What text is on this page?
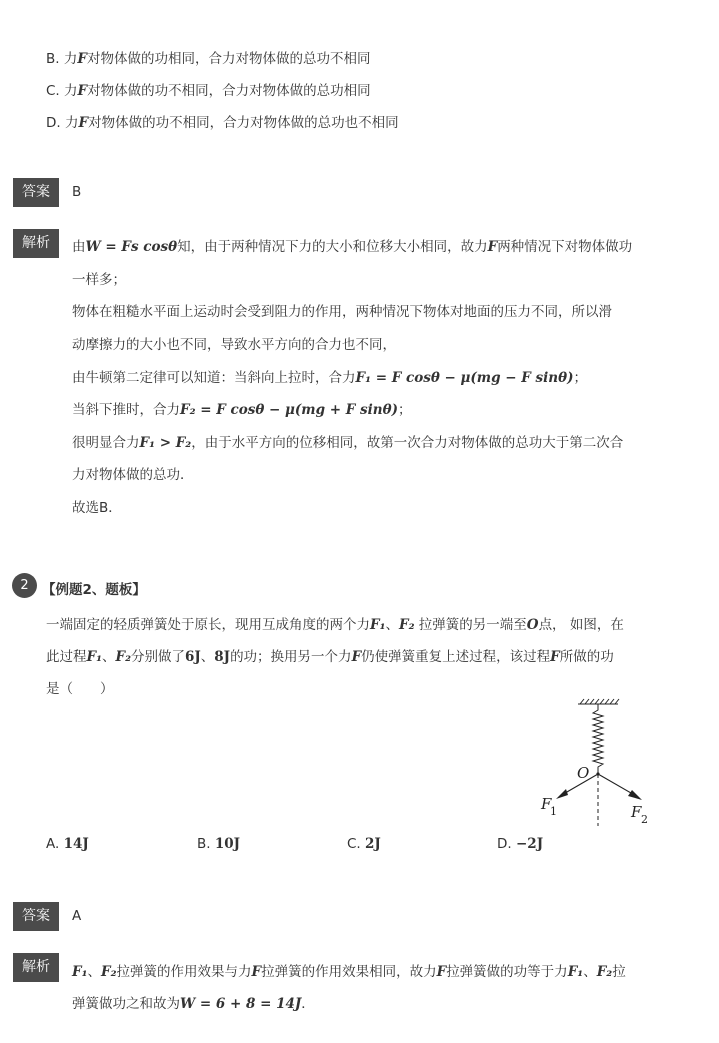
B. 力F对物体做的功相同，合力对物体做的总功不相同
C. 力F对物体做的功不相同，合力对物体做的总功相同
D. 力F对物体做的功不相同，合力对物体做的总功也不相同
答案	B
解析	由W = Fs cosθ知，由于两种情况下力的大小和位移大小相同，故力F两种情况下对物体做功
一样多；
物体在粗糙水平面上运动时会受到阻力的作用，两种情况下物体对地面的压力不同，所以滑
动摩擦力的大小也不同，导致水平方向的合力也不同，
由牛顿第二定律可以知道：当斜向上拉时，合力F₁ = F cosθ − μ(mg − F sinθ)；
当斜下推时，合力F₂ = F cosθ − μ(mg + F sinθ)；
很明显合力F₁ > F₂，由于水平方向的位移相同，故第一次合力对物体做的总功大于第二次合
力对物体做的总功．
故选B．
2 【例题2、题板】
一端固定的轻质弹簧处于原长，现用互成角度的两个力F₁、F₂ 拉弹簧的另一端至O点， 如图，在
此过程F₁、F₂分别做了6J、8J的功；换用另一个力F仍使弹簧重复上述过程，该过程F所做的功
是（　　）
O
F
1	F 2
A. 14J	B. 10J	C. 2J	D. −2J
答案	A
解析	F₁、F₂拉弹簧的作用效果与力F拉弹簧的作用效果相同，故力F拉弹簧做的功等于力F₁、F₂拉
弹簧做功之和故为W = 6 + 8 = 14J．
